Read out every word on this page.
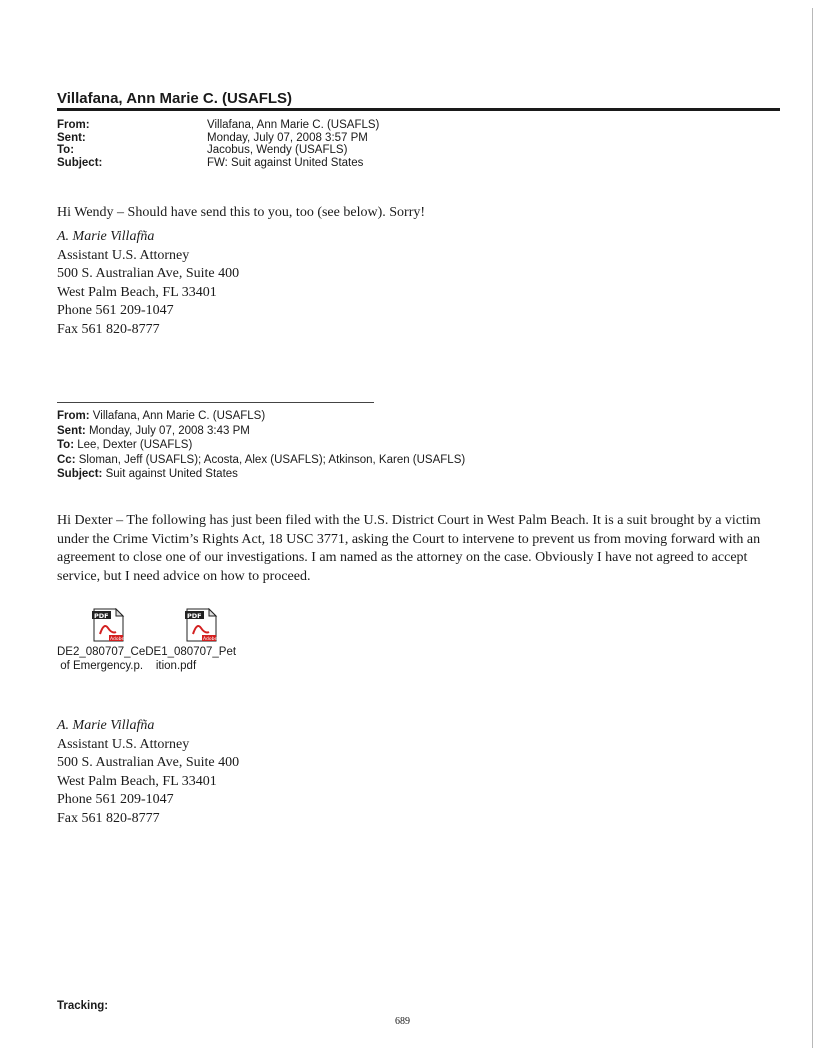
Villafana, Ann Marie C. (USAFLS)
From:	Villafana, Ann Marie C. (USAFLS)
Sent:	Monday, July 07, 2008 3:57 PM
To:	Jacobus, Wendy (USAFLS)
Subject:	FW: Suit against United States
Hi Wendy – Should have send this to you, too (see below). Sorry!
A. Marie Villafña
Assistant U.S. Attorney
500 S. Australian Ave, Suite 400
West Palm Beach, FL 33401
Phone 561 209-1047
Fax 561 820-8777
From: Villafana, Ann Marie C. (USAFLS)
Sent: Monday, July 07, 2008 3:43 PM
To: Lee, Dexter (USAFLS)
Cc: Sloman, Jeff (USAFLS); Acosta, Alex (USAFLS); Atkinson, Karen (USAFLS)
Subject: Suit against United States
Hi Dexter – The following has just been filed with the U.S. District Court in West Palm Beach. It is a suit brought by a victim under the Crime Victim’s Rights Act, 18 USC 3771, asking the Court to intervene to prevent us from moving forward with an agreement to close one of our investigations. I am named as the attorney on the case. Obviously I have not agreed to accept service, but I need advice on how to proceed.
PDF
Adobe
PDF
Adobe
DE2_080707_CeDE1_080707_Pet
of Emergency.p.    ition.pdf
A. Marie Villafña
Assistant U.S. Attorney
500 S. Australian Ave, Suite 400
West Palm Beach, FL 33401
Phone 561 209-1047
Fax 561 820-8777
Tracking:
689
